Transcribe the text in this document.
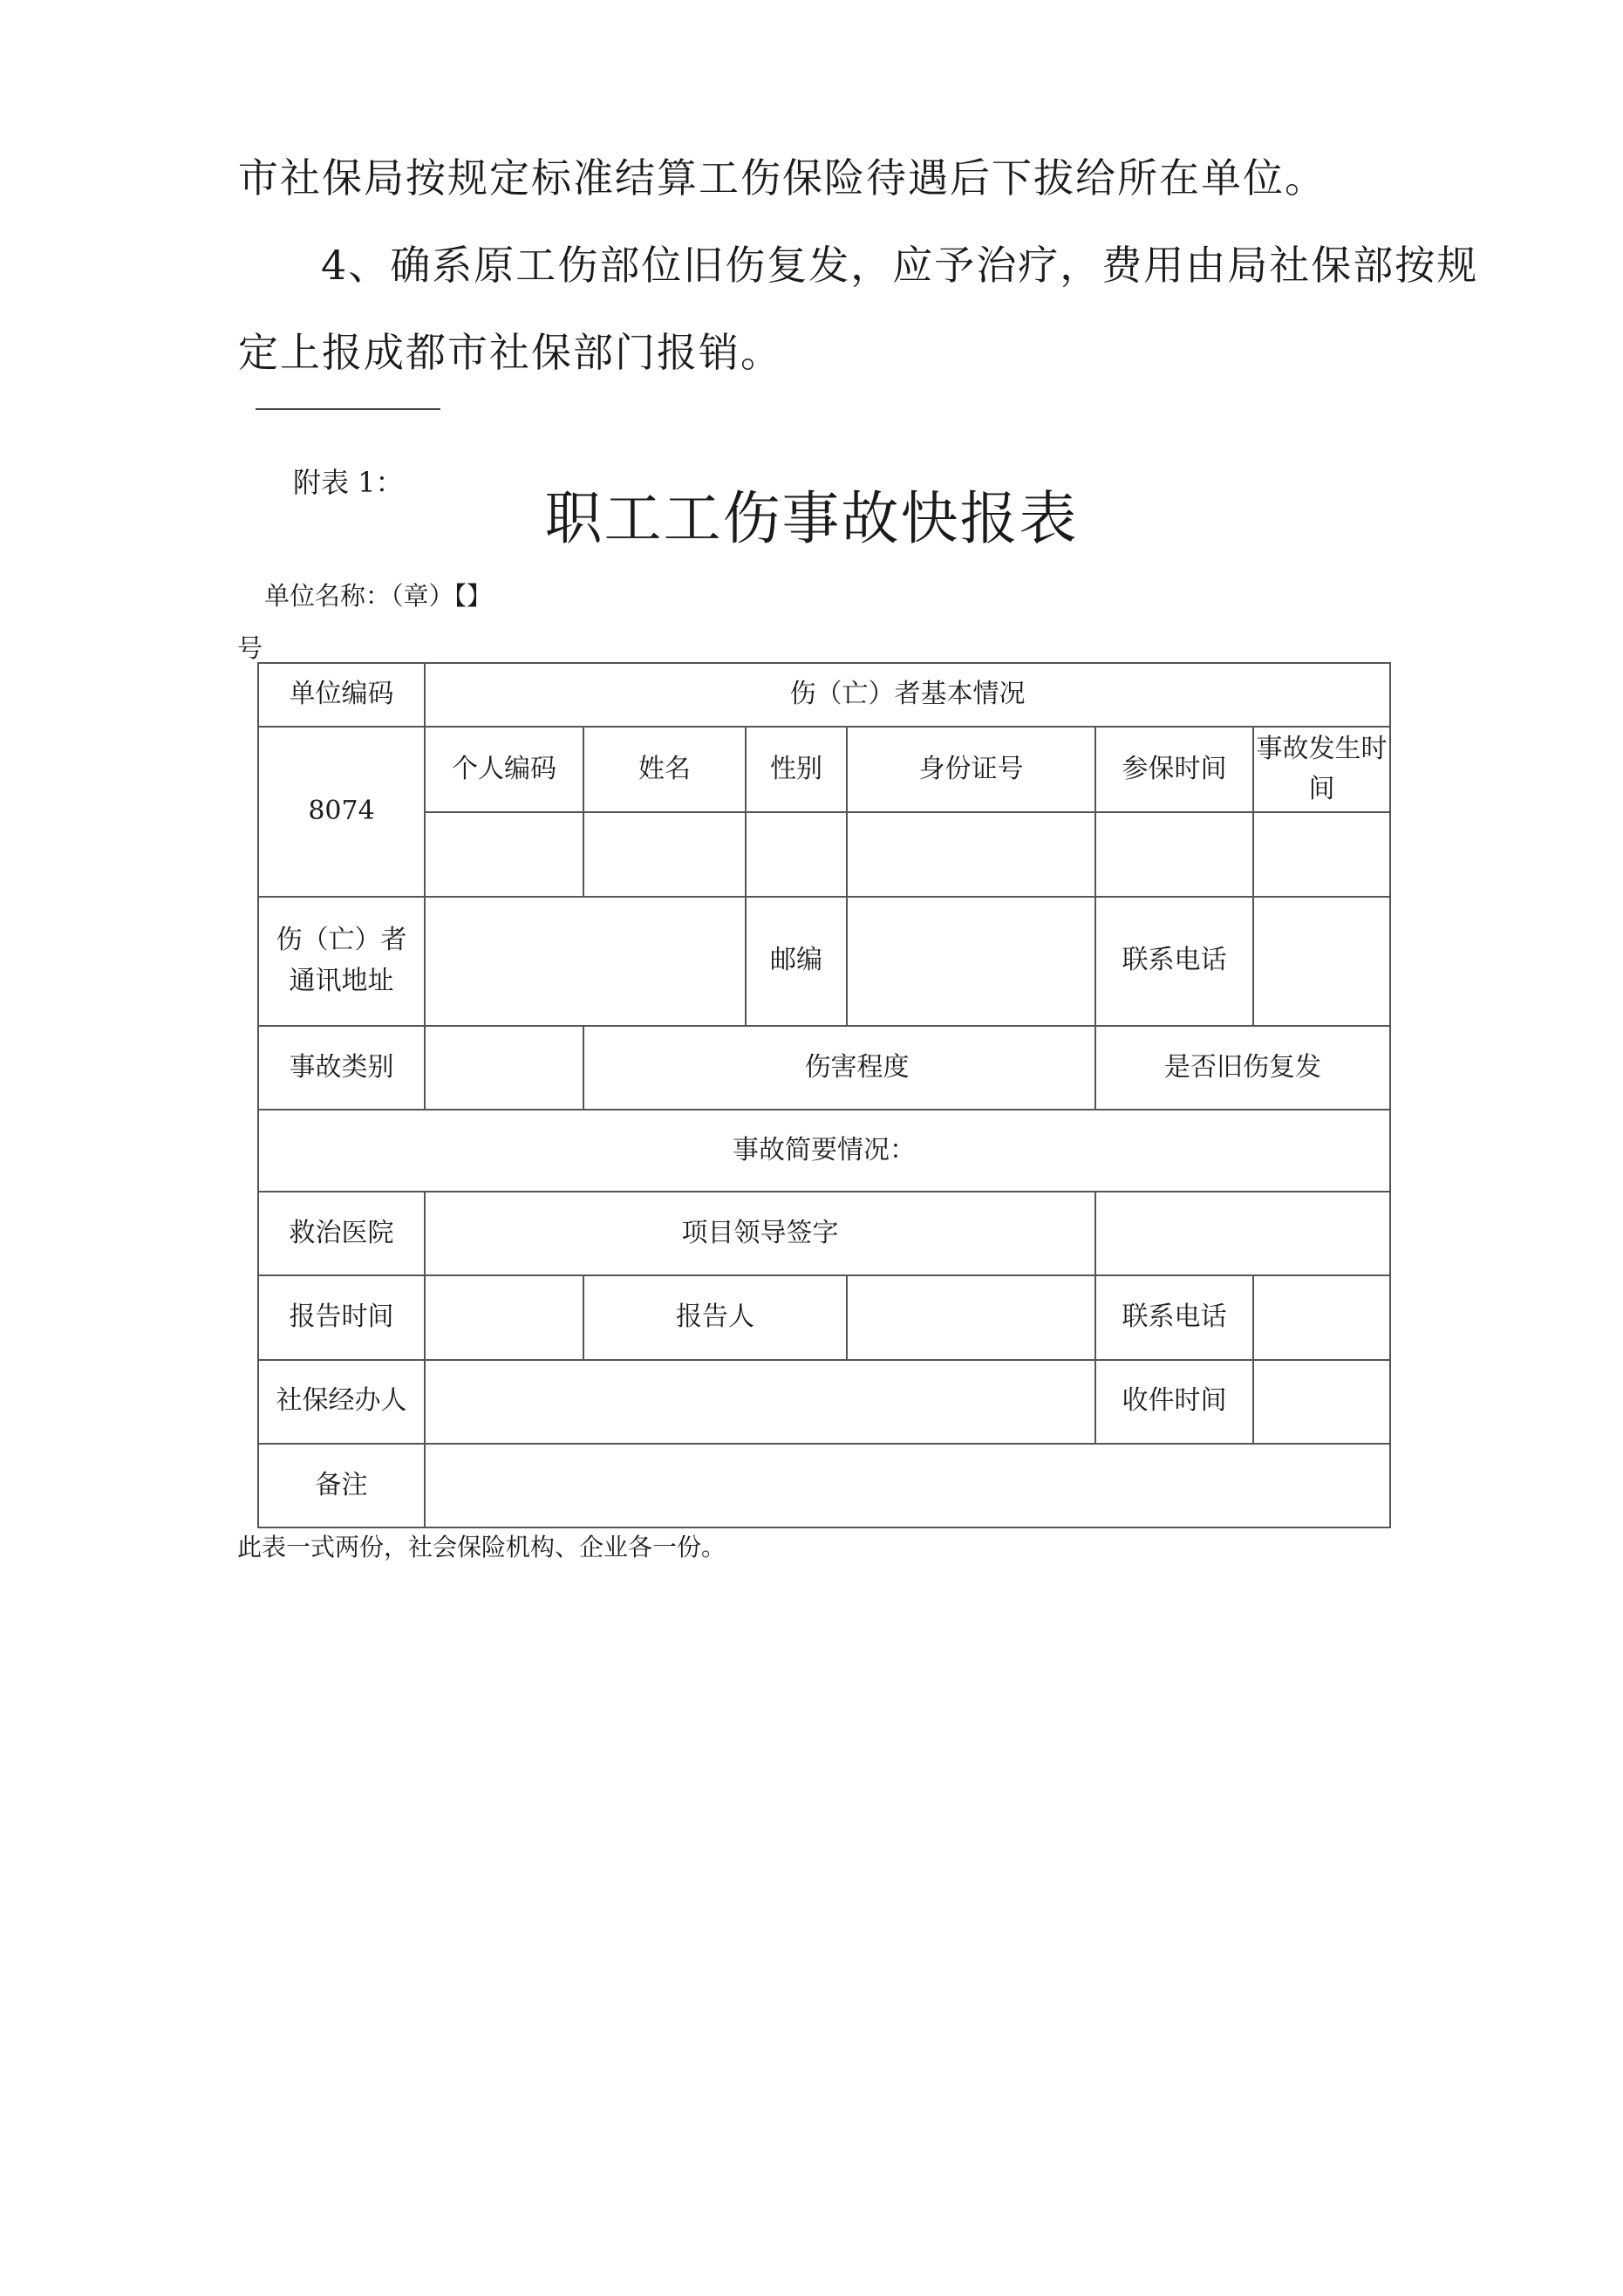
市社保局按规定标准结算工伤保险待遇后下拔给所在单位。
4、确系原工伤部位旧伤复发，应予治疗，费用由局社保部按规
定上报成都市社保部门报销。
附表 1：
职工工伤事故快报表
单位名称：（章）【】
号
单位编码	伤（亡）者基本情况						
8074	个人编码	姓名	性别	身份证号	参保时间	事故发生时间	

伤（亡）者通讯地址			邮编		联系电话		
事故类别		伤害程度			是否旧伤复发		
事故简要情况：							
救治医院	项目领导签字						
报告时间		报告人			联系电话		
社保经办人					收件时间		
备注							
此表一式两份，社会保险机构、企业各一份。
